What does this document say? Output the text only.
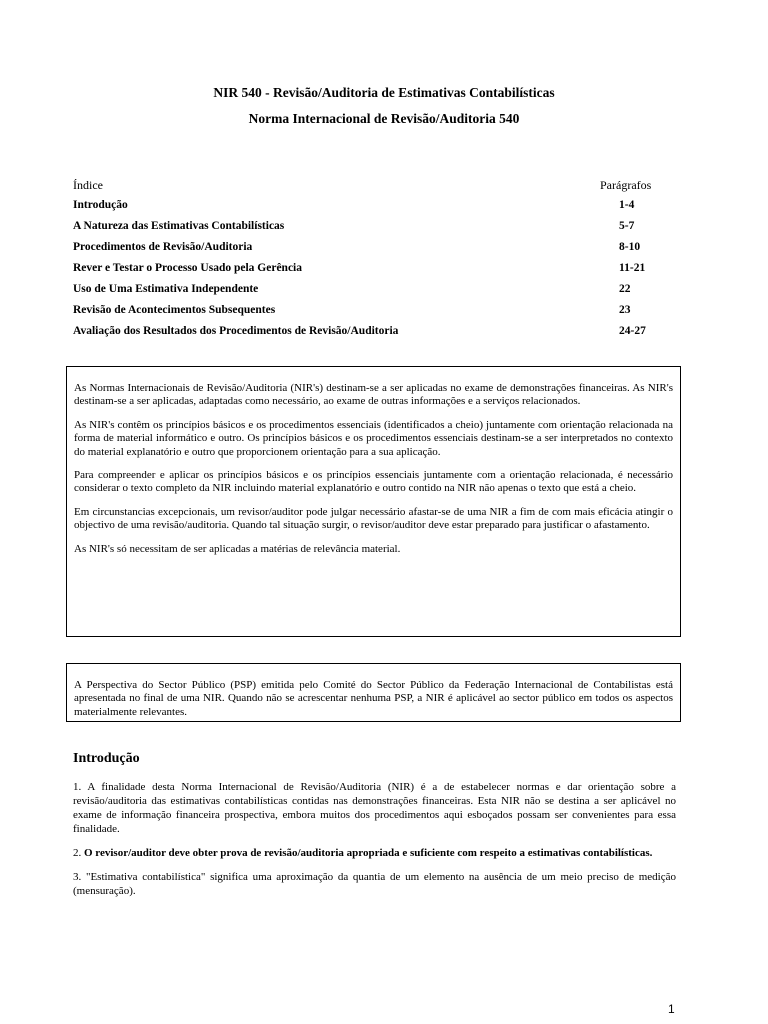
NIR 540 - Revisão/Auditoria de Estimativas Contabilísticas
Norma Internacional de Revisão/Auditoria 540
Índice	Parágrafos
Introdução	1-4
A Natureza das Estimativas Contabilísticas	5-7
Procedimentos de Revisão/Auditoria	8-10
Rever e Testar o Processo Usado pela Gerência	11-21
Uso de Uma Estimativa Independente	22
Revisão de Acontecimentos Subsequentes	23
Avaliação dos Resultados dos Procedimentos de Revisão/Auditoria	24-27

As Normas Internacionais de Revisão/Auditoria (NIR's) destinam-se a ser aplicadas no exame de demonstrações financeiras. As NIR's destinam-se a ser aplicadas, adaptadas como necessário, ao exame de outras informações e a serviços relacionados.

As NIR's contêm os princípios básicos e os procedimentos essenciais (identificados a cheio) juntamente com orientação relacionada na forma de material informático e outro. Os princípios básicos e os procedimentos essenciais destinam-se a ser interpretados no contexto do material explanatório e outro que proporcionem orientação para a sua aplicação.

Para compreender e aplicar os princípios básicos e os princípios essenciais juntamente com a orientação relacionada, é necessário considerar o texto completo da NIR incluindo material explanatório e outro contido na NIR não apenas o texto que está a cheio.

Em circunstancias excepcionais, um revisor/auditor pode julgar necessário afastar-se de uma NIR a fim de com mais eficácia atingir o objectivo de uma revisão/auditoria. Quando tal situação surgir, o revisor/auditor deve estar preparado para justificar o afastamento.

As NIR's só necessitam de ser aplicadas a matérias de relevância material.

A Perspectiva do Sector Público (PSP) emitida pelo Comité do Sector Público da Federação Internacional de Contabilistas está apresentada no final de uma NIR. Quando não se acrescentar nenhuma PSP, a NIR é aplicável ao sector público em todos os aspectos materialmente relevantes.

Introdução

1. A finalidade desta Norma Internacional de Revisão/Auditoria (NIR) é a de estabelecer normas e dar orientação sobre a revisão/auditoria das estimativas contabilísticas contidas nas demonstrações financeiras. Esta NIR não se destina a ser aplicável no exame de informação financeira prospectiva, embora muitos dos procedimentos aqui esboçados possam ser convenientes para essa finalidade.

2. O revisor/auditor deve obter prova de revisão/auditoria apropriada e suficiente com respeito a estimativas contabilísticas.

3. "Estimativa contabilística" significa uma aproximação da quantia de um elemento na ausência de um meio preciso de medição (mensuração).

1
